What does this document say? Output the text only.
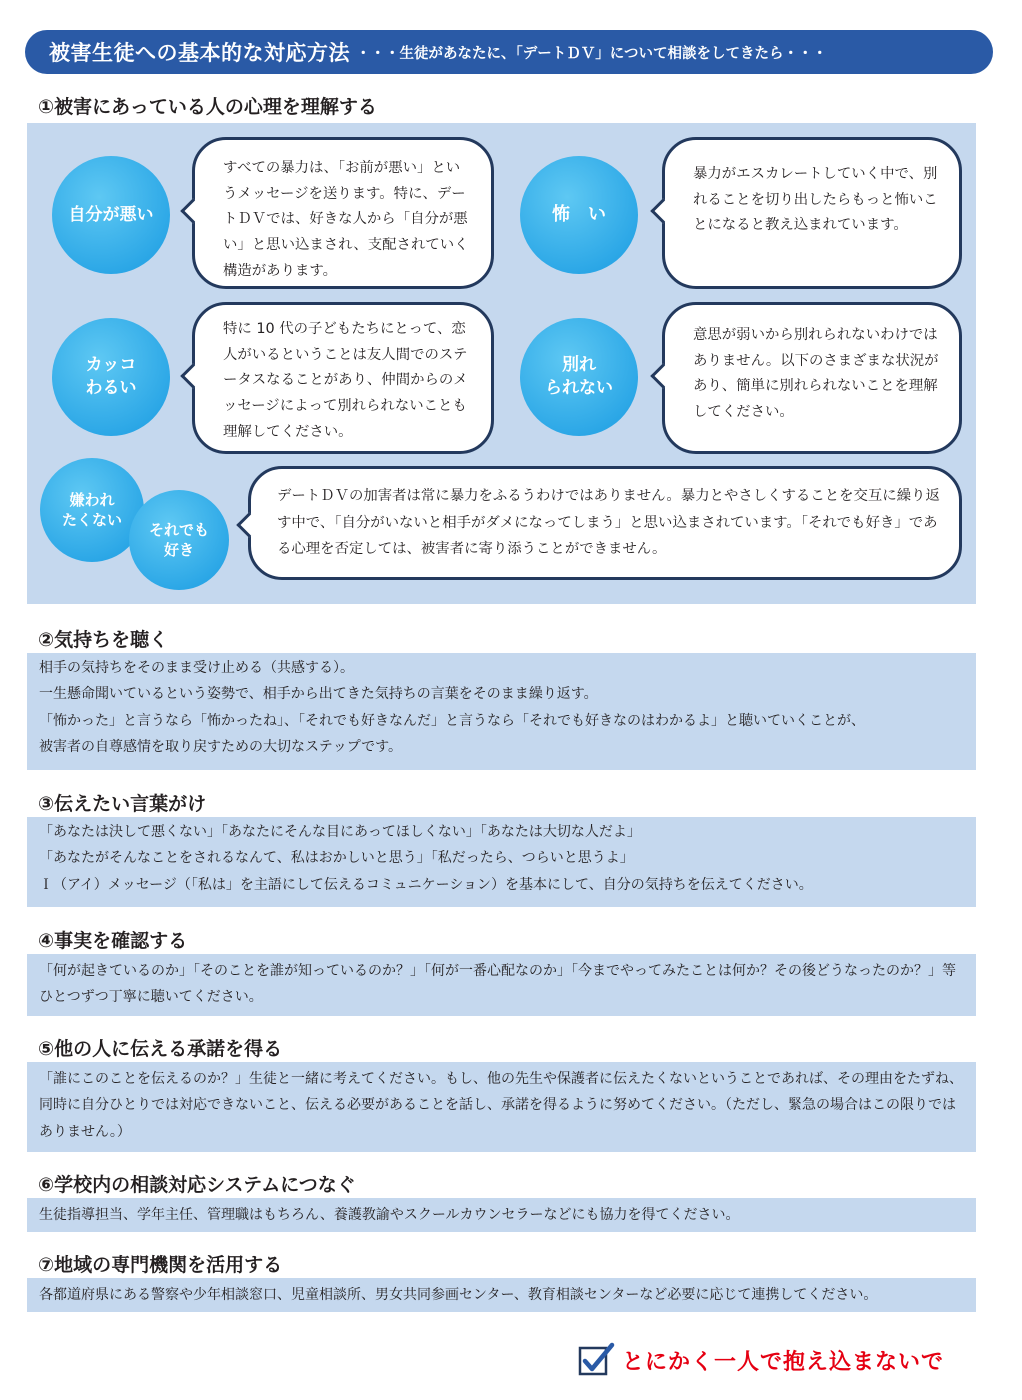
被害生徒への基本的な対応方法 ・・・生徒があなたに、「デートＤＶ」について相談をしてきたら・・・
①被害にあっている人の心理を理解する
自分が悪い
すべての暴力は、「お前が悪い」というメッセージを送ります。特に、デートＤＶでは、好きな人から「自分が悪い」と思い込まされ、支配されていく構造があります。
怖　い
暴力がエスカレートしていく中で、別れることを切り出したらもっと怖いことになると教え込まれています。
カッコ
わるい
特に 10 代の子どもたちにとって、恋人がいるということは友人間でのステータスなることがあり、仲間からのメッセージによって別れられないことも理解してください。
別れ
られない
意思が弱いから別れられないわけではありません。以下のさまざまな状況があり、簡単に別れられないことを理解してください。
嫌われ
たくない
それでも
好き
デートＤＶの加害者は常に暴力をふるうわけではありません。暴力とやさしくすることを交互に繰り返す中で、「自分がいないと相手がダメになってしまう」と思い込まされています。「それでも好き」である心理を否定しては、被害者に寄り添うことができません。
②気持ちを聴く

相手の気持ちをそのまま受け止める（共感する）。

一生懸命聞いているという姿勢で、相手から出てきた気持ちの言葉をそのまま繰り返す。

「怖かった」と言うなら「怖かったね」、「それでも好きなんだ」と言うなら「それでも好きなのはわかるよ」と聴いていくことが、

被害者の自尊感情を取り戻すための大切なステップです。

③伝えたい言葉がけ

「あなたは決して悪くない」「あなたにそんな目にあってほしくない」「あなたは大切な人だよ」

「あなたがそんなことをされるなんて、私はおかしいと思う」「私だったら、つらいと思うよ」

Ｉ（アイ）メッセージ（「私は」を主語にして伝えるコミュニケーション）を基本にして、自分の気持ちを伝えてください。

④事実を確認する

「何が起きているのか」「そのことを誰が知っているのか？」「何が一番心配なのか」「今までやってみたことは何か？その後どうなったのか？」等ひとつずつ丁寧に聴いてください。

⑤他の人に伝える承諾を得る

「誰にこのことを伝えるのか？」生徒と一緒に考えてください。もし、他の先生や保護者に伝えたくないということであれば、その理由をたずね、同時に自分ひとりでは対応できないこと、伝える必要があることを話し、承諾を得るように努めてください。（ただし、緊急の場合はこの限りではありません。）

⑥学校内の相談対応システムにつなぐ

生徒指導担当、学年主任、管理職はもちろん、養護教諭やスクールカウンセラーなどにも協力を得てください。

⑦地域の専門機関を活用する

各都道府県にある警察や少年相談窓口、児童相談所、男女共同参画センター、教育相談センターなど必要に応じて連携してください。

とにかく一人で抱え込まないで
